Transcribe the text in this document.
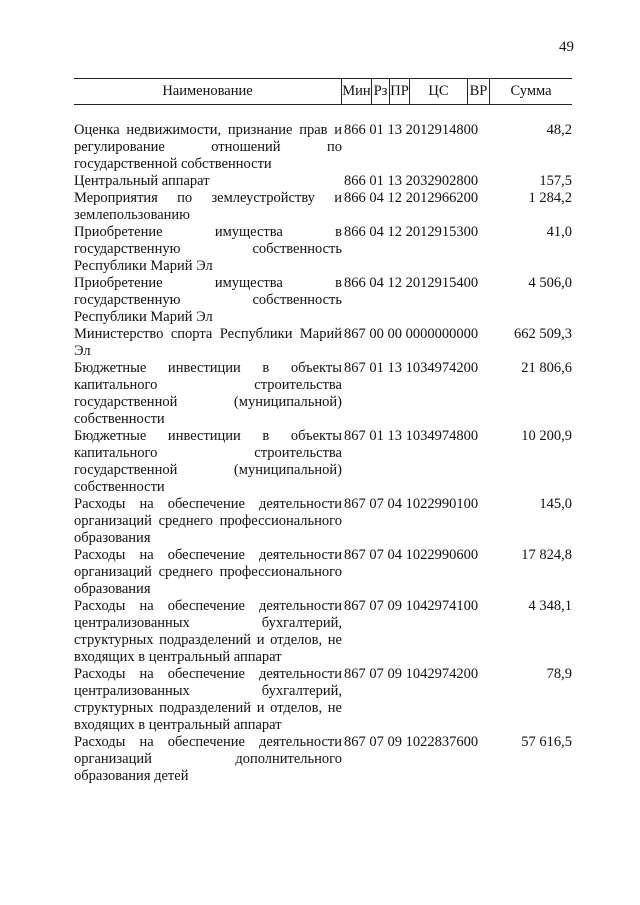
49
Наименование	Мин Рз ПР	ЦС	ВР	Сумма
Оценка недвижимости, признание прав и регулирование отношений по государственной собственности
866 01 13 2012914800	48,2
Центральный аппарат	866 01 13 2032902800	157,5
Мероприятия по землеустройству и землепользованию
866 04 12 2012966200	1 284,2
Приобретение имущества в государственную собственность Республики Марий Эл
866 04 12 2012915300	41,0
Приобретение имущества в государственную собственность Республики Марий Эл
866 04 12 2012915400	4 506,0
Министерство спорта Республики Марий Эл
867 00 00 0000000000	662 509,3
Бюджетные инвестиции в объекты капитального строительства государственной (муниципальной) собственности
867 01 13 1034974200	21 806,6
Бюджетные инвестиции в объекты капитального строительства государственной (муниципальной) собственности
867 01 13 1034974800	10 200,9
Расходы на обеспечение деятельности организаций среднего профессионального образования
867 07 04 1022990100	145,0
Расходы на обеспечение деятельности организаций среднего профессионального образования
867 07 04 1022990600	17 824,8
Расходы на обеспечение деятельности централизованных бухгалтерий, структурных подразделений и отделов, не входящих в центральный аппарат
867 07 09 1042974100	4 348,1
Расходы на обеспечение деятельности централизованных бухгалтерий, структурных подразделений и отделов, не входящих в центральный аппарат
867 07 09 1042974200	78,9
Расходы на обеспечение деятельности организаций дополнительного образования детей
867 07 09 1022837600	57 616,5
